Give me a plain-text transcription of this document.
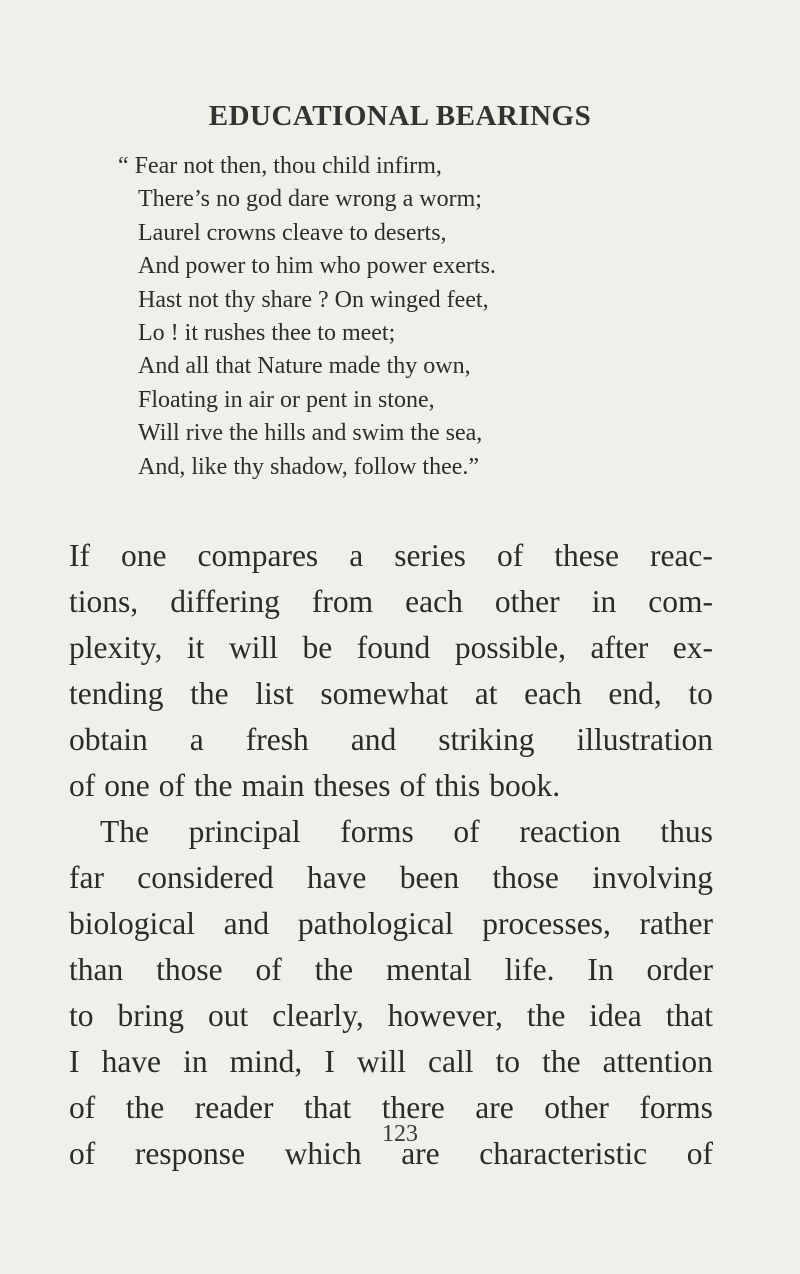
EDUCATIONAL BEARINGS
“ Fear not then, thou child infirm,
There’s no god dare wrong a worm;
Laurel crowns cleave to deserts,
And power to him who power exerts.
Hast not thy share ? On winged feet,
Lo ! it rushes thee to meet;
And all that Nature made thy own,
Floating in air or pent in stone,
Will rive the hills and swim the sea,
And, like thy shadow, follow thee.”
If one compares a series of these reac-
tions, differing from each other in com-
plexity, it will be found possible, after ex-
tending the list somewhat at each end, to
obtain a fresh and striking illustration
of one of the main theses of this book.
The principal forms of reaction thus
far considered have been those involving
biological and pathological processes, rather
than those of the mental life. In order
to bring out clearly, however, the idea that
I have in mind, I will call to the attention
of the reader that there are other forms
of response which are characteristic of

123
